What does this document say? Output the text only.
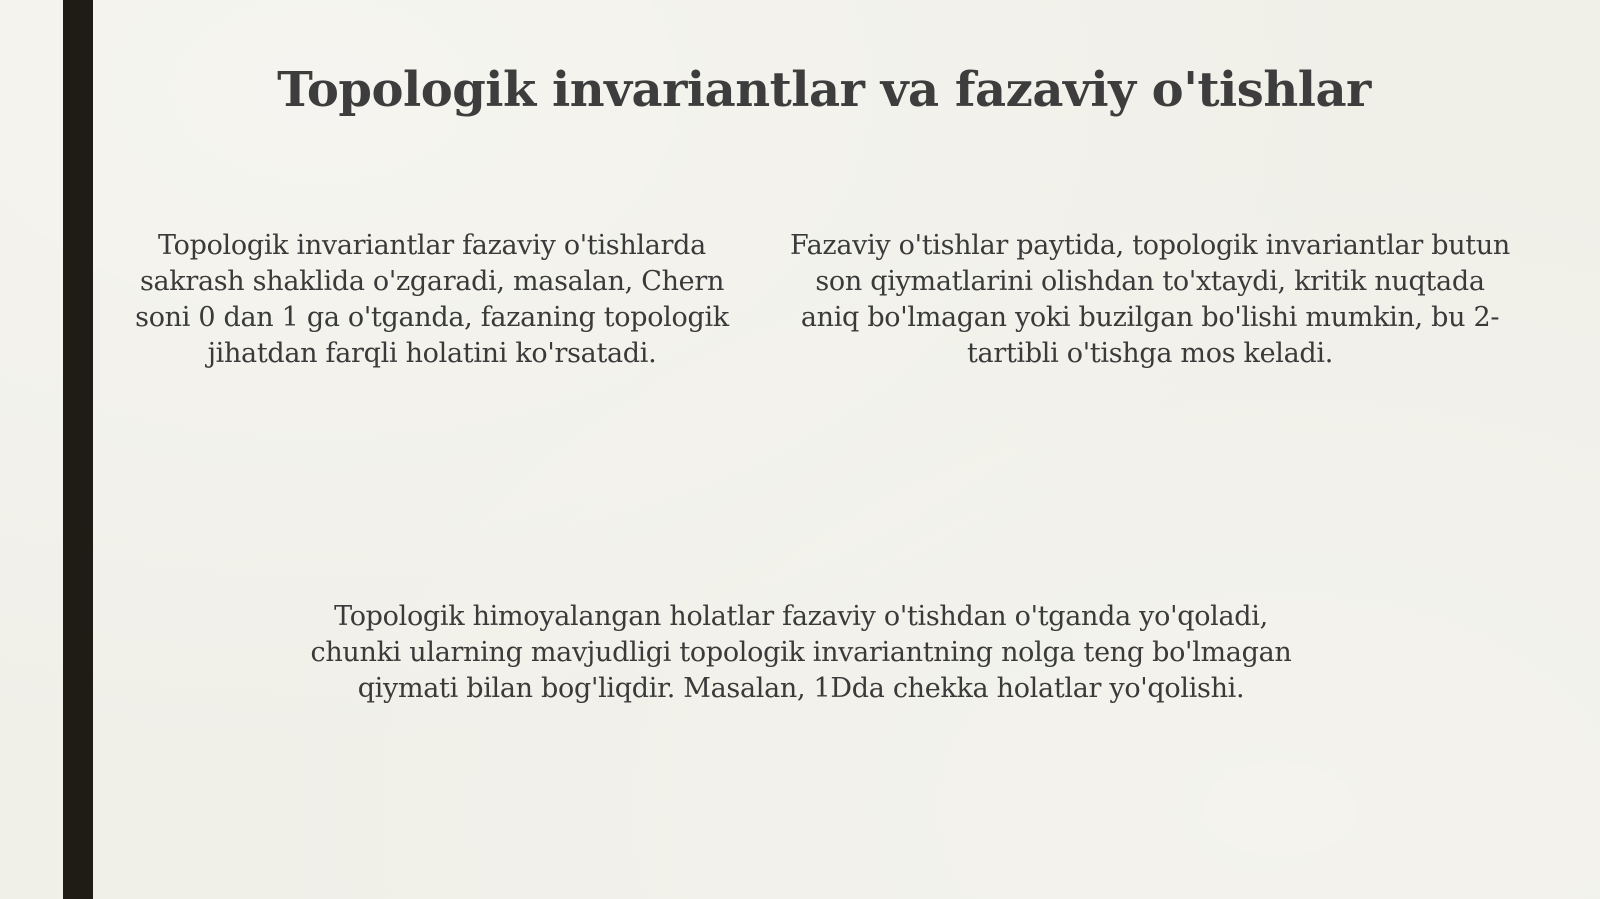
Topologik invariantlar va fazaviy o'tishlar

Topologik invariantlar fazaviy o'tishlarda sakrash shaklida o'zgaradi, masalan, Chern soni 0 dan 1 ga o'tganda, fazaning topologik jihatdan farqli holatini ko'rsatadi.

Fazaviy o'tishlar paytida, topologik invariantlar butun son qiymatlarini olishdan to'xtaydi, kritik nuqtada aniq bo'lmagan yoki buzilgan bo'lishi mumkin, bu 2-tartibli o'tishga mos keladi.

Topologik himoyalangan holatlar fazaviy o'tishdan o'tganda yo'qoladi, chunki ularning mavjudligi topologik invariantning nolga teng bo'lmagan qiymati bilan bog'liqdir. Masalan, 1Dda chekka holatlar yo'qolishi.
